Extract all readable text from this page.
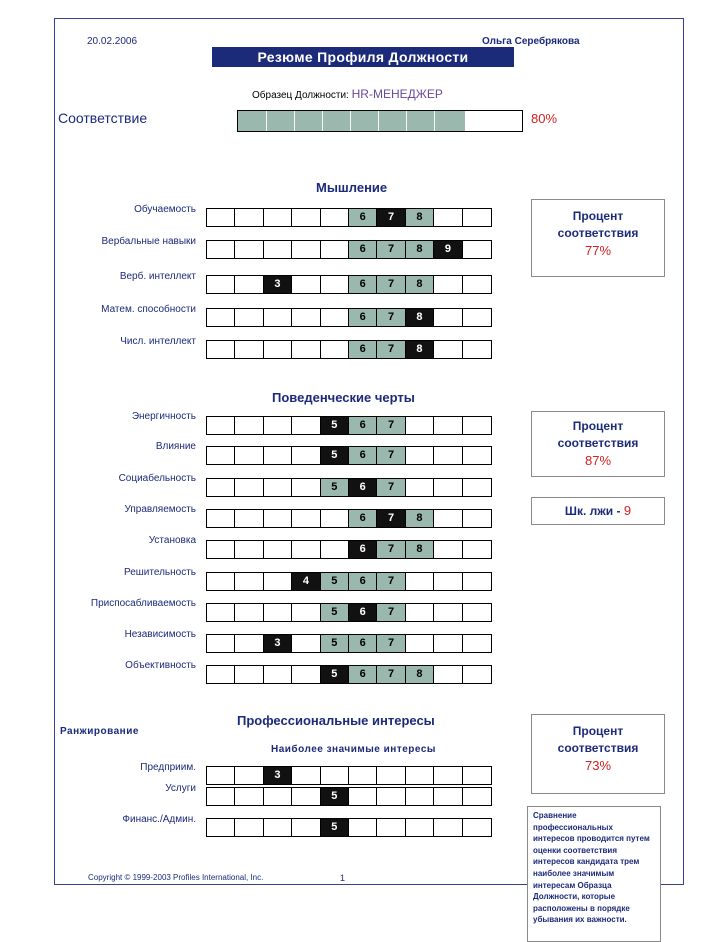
20.02.2006	Ольга Серебрякова
Резюме Профиля Должности
Образец Должности: HR-МЕНЕДЖЕР
Соответствие	80%
Мышление
Поведенческие черты
Профессиональные интересы
Ранжирование
Наиболее значимые интересы
Обучаемость
6	7	8
Вербальные навыки
6	7	8	9
Верб. интеллект
3	6	7	8
Матем. способности
6	7	8
Числ. интеллект
6	7	8
Энергичность
5	6	7
Влияние
5	6	7
Социабельность
5	6	7
Управляемость
6	7	8
Установка
6	7	8
Решительность
4	5	6	7
Приспосабливаемость
5	6	7
Независимость
3	5	6	7
Объективность
5	6	7	8
Предприим.
3
Услуги
5
Финанс./Админ.
5
Процент соответствия
77%
Процент соответствия
87%
Шк. лжи - 9
Процент соответствия
73%
Сравнение профессиональных интересов проводится путем оценки соответствия интересов кандидата трем наиболее значимым интересам Образца Должности, которые расположены в порядке убывания их важности.
Copyright © 1999-2003 Profiles International, Inc.	1
